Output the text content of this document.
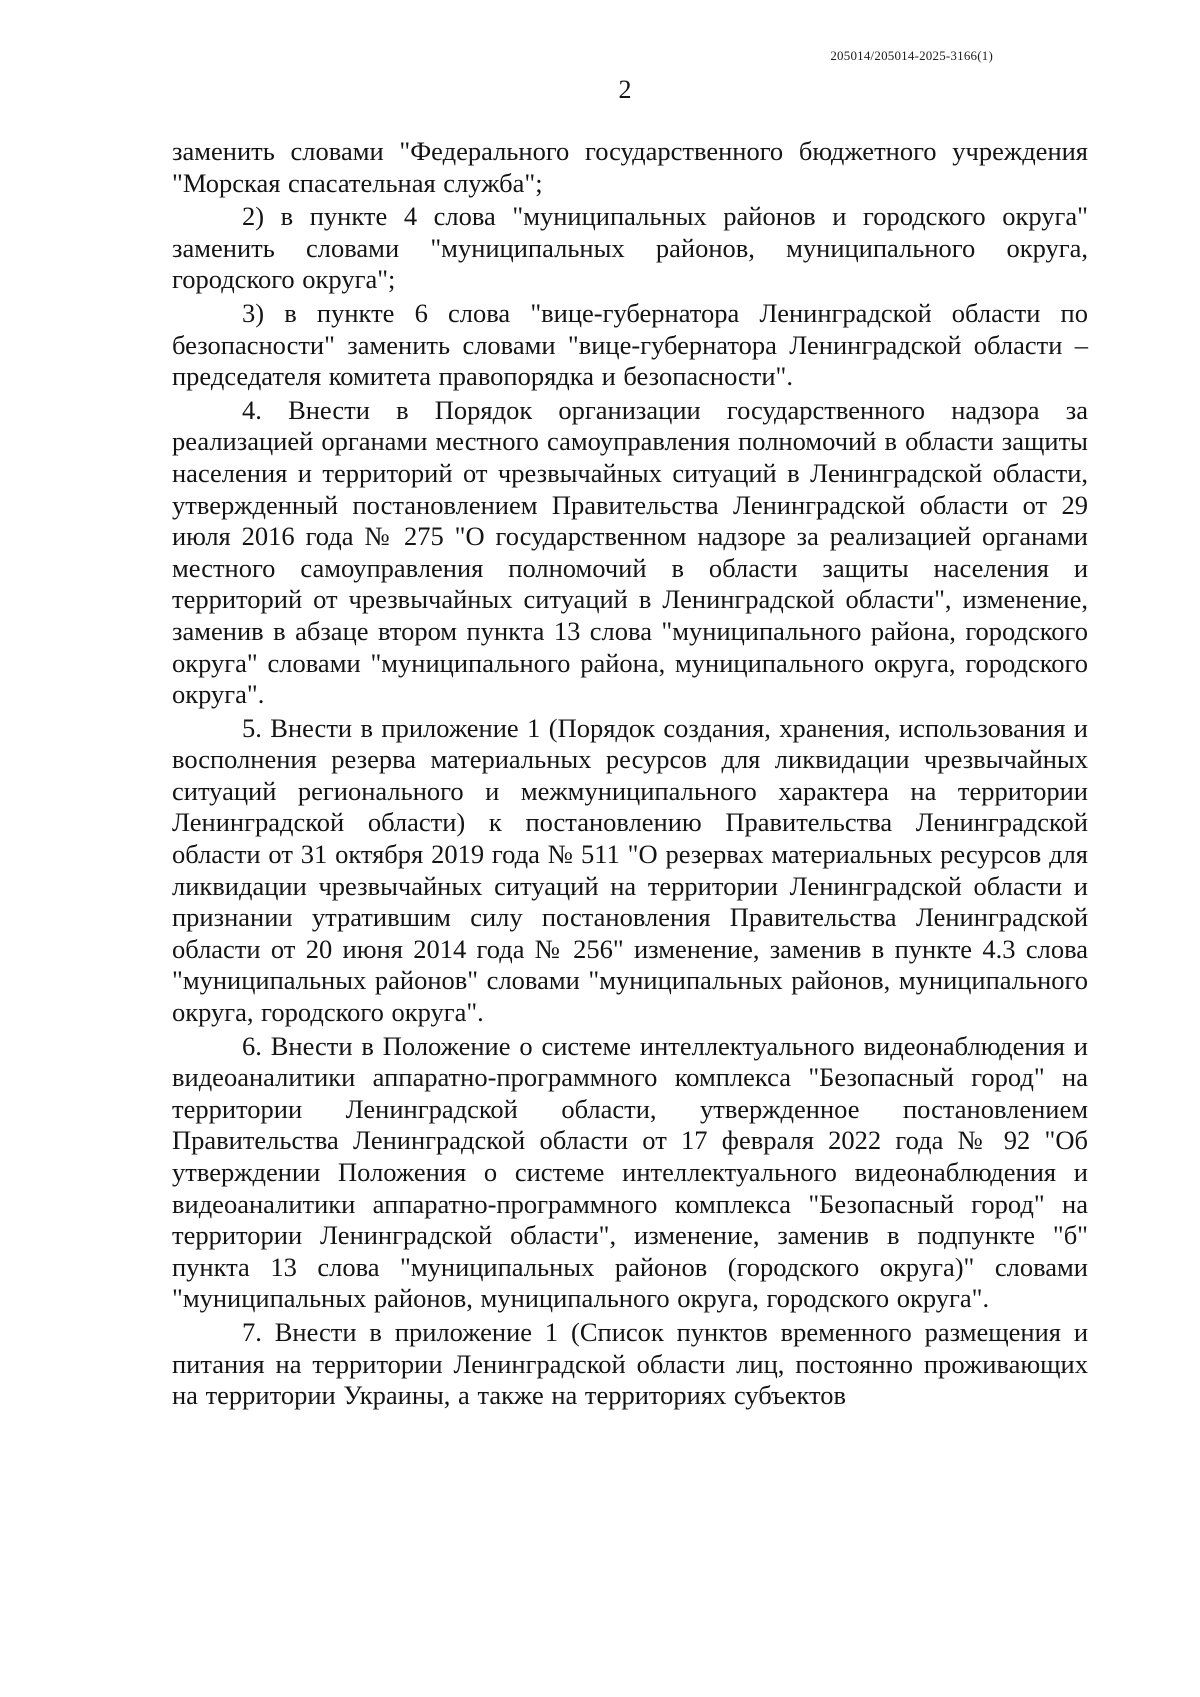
205014/205014-2025-3166(1)
2

заменить словами "Федерального государственного бюджетного учреждения "Морская спасательная служба";

2) в пункте 4 слова "муниципальных районов и городского округа" заменить словами "муниципальных районов, муниципального округа, городского округа";

3) в пункте 6 слова "вице-губернатора Ленинградской области по безопасности" заменить словами "вице-губернатора Ленинградской области – председателя комитета правопорядка и безопасности".

4. Внести в Порядок организации государственного надзора за реализацией органами местного самоуправления полномочий в области защиты населения и территорий от чрезвычайных ситуаций в Ленинградской области, утвержденный постановлением Правительства Ленинградской области от 29 июля 2016 года № 275 "О государственном надзоре за реализацией органами местного самоуправления полномочий в области защиты населения и территорий от чрезвычайных ситуаций в Ленинградской области", изменение, заменив в абзаце втором пункта 13 слова "муниципального района, городского округа" словами "муниципального района, муниципального округа, городского округа".

5. Внести в приложение 1 (Порядок создания, хранения, использования и восполнения резерва материальных ресурсов для ликвидации чрезвычайных ситуаций регионального и межмуниципального характера на территории Ленинградской области) к постановлению Правительства Ленинградской области от 31 октября 2019 года № 511 "О резервах материальных ресурсов для ликвидации чрезвычайных ситуаций на территории Ленинградской области и признании утратившим силу постановления Правительства Ленинградской области от 20 июня 2014 года № 256" изменение, заменив в пункте 4.3 слова "муниципальных районов" словами "муниципальных районов, муниципального округа, городского округа".

6. Внести в Положение о системе интеллектуального видеонаблюдения и видеоаналитики аппаратно-программного комплекса "Безопасный город" на территории Ленинградской области, утвержденное постановлением Правительства Ленинградской области от 17 февраля 2022 года № 92 "Об утверждении Положения о системе интеллектуального видеонаблюдения и видеоаналитики аппаратно-программного комплекса "Безопасный город" на территории Ленинградской области", изменение, заменив в подпункте "б" пункта 13 слова "муниципальных районов (городского округа)" словами "муниципальных районов, муниципального округа, городского округа".

7. Внести в приложение 1 (Список пунктов временного размещения и питания на территории Ленинградской области лиц, постоянно проживающих на территории Украины, а также на территориях субъектов
